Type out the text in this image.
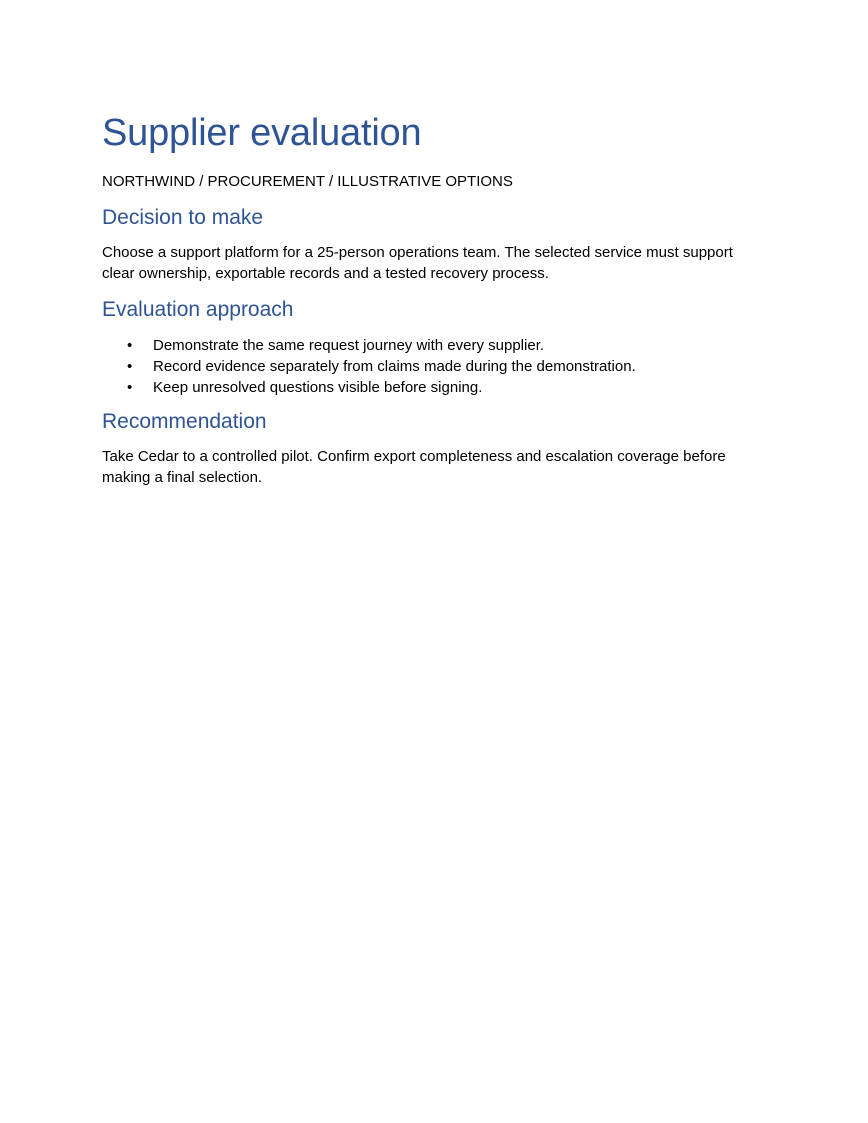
Supplier evaluation

NORTHWIND / PROCUREMENT / ILLUSTRATIVE OPTIONS

Decision to make

Choose a support platform for a 25-person operations team. The selected service must support clear ownership, exportable records and a tested recovery process.

Evaluation approach
• Demonstrate the same request journey with every supplier.
• Record evidence separately from claims made during the demonstration.
• Keep unresolved questions visible before signing.
Recommendation

Take Cedar to a controlled pilot. Confirm export completeness and escalation coverage before making a final selection.
